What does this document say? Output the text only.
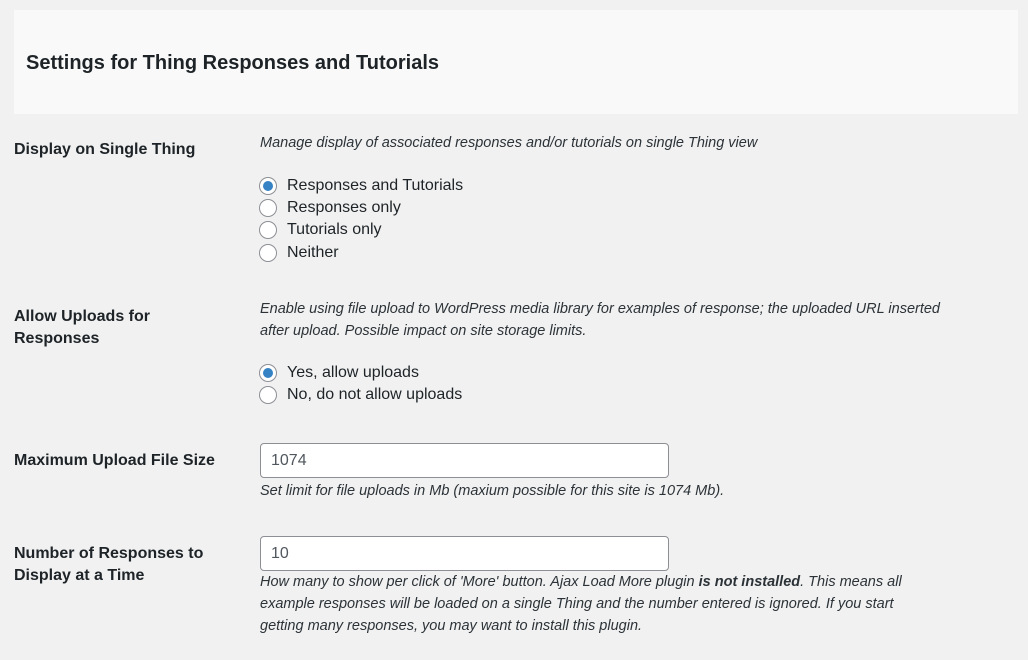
Settings for Thing Responses and Tutorials
Display on Single Thing	Manage display of associated responses and/or tutorials on single Thing view
Responses and Tutorials
Responses only
Tutorials only
Neither
Allow Uploads for
Responses
Enable using file upload to WordPress media library for examples of response; the uploaded URL inserted
after upload. Possible impact on site storage limits.
Yes, allow uploads
No, do not allow uploads
Maximum Upload File Size
1074
Set limit for file uploads in Mb (maxium possible for this site is 1074 Mb).
Number of Responses to
Display at a Time
10	How many to show per click of 'More' button. Ajax Load More plugin is not installed. This means all
example responses will be loaded on a single Thing and the number entered is ignored. If you start
getting many responses, you may want to install this plugin.
